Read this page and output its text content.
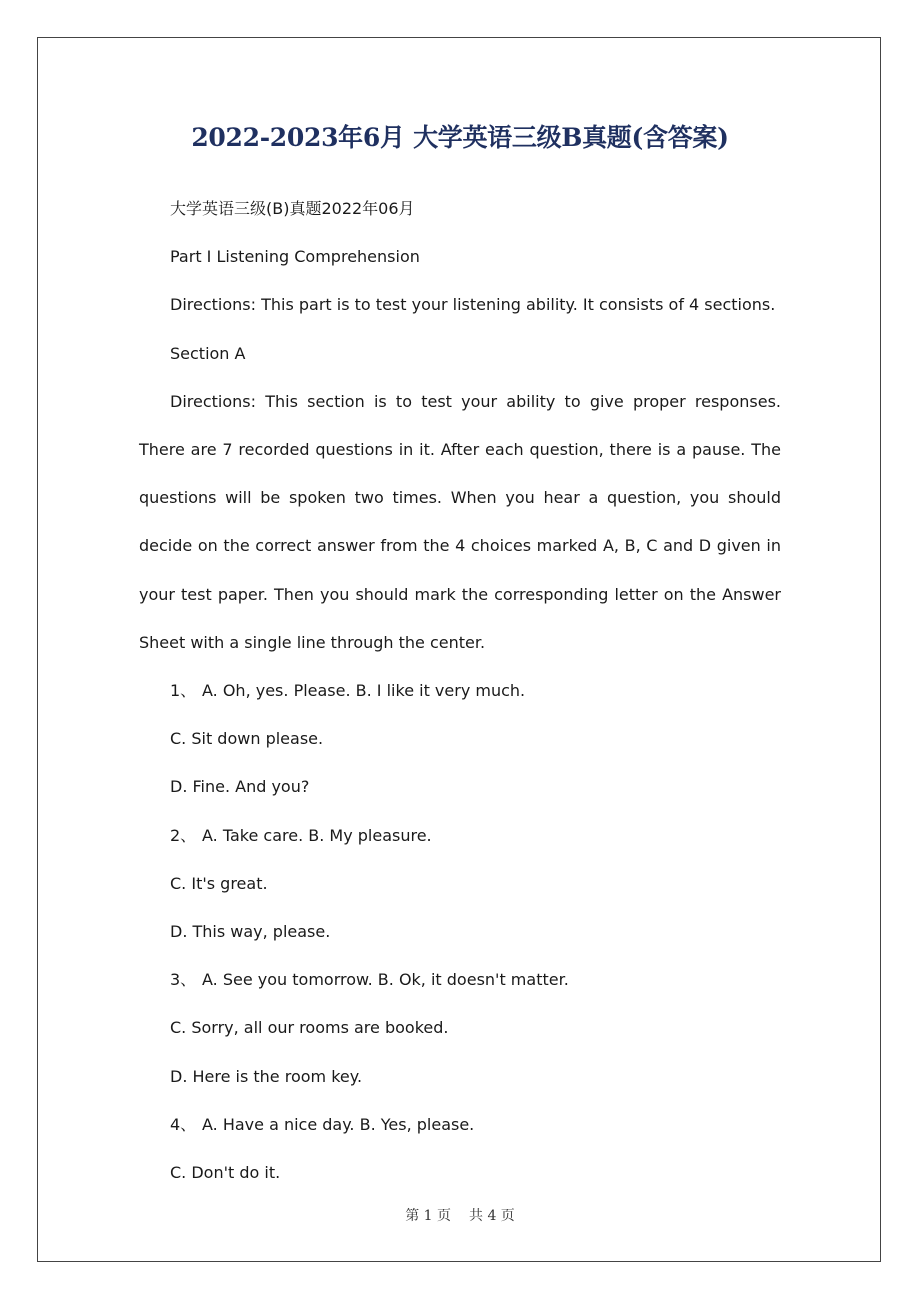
2022-2023年6月 大学英语三级B真题(含答案)

大学英语三级(B)真题2022年06月

Part Ⅰ Listening Comprehension

Directions: This part is to test your listening ability. It consists of 4 sections.

Section A

Directions: This section is to test your ability to give proper responses. There are 7 recorded questions in it. After each question, there is a pause. The questions will be spoken two times. When you hear a question, you should decide on the correct answer from the 4 choices marked A, B, C and D given in your test paper. Then you should mark the corresponding letter on the Answer Sheet with a single line through the center.

1、 A. Oh, yes. Please. B. I like it very much.

C. Sit down please.

D. Fine. And you?

2、 A. Take care. B. My pleasure.

C. It's great.

D. This way, please.

3、 A. See you tomorrow. B. Ok, it doesn't matter.

C. Sorry, all our rooms are booked.

D. Here is the room key.

4、 A. Have a nice day. B. Yes, please.

C. Don't do it.

第 1 页 共 4 页
